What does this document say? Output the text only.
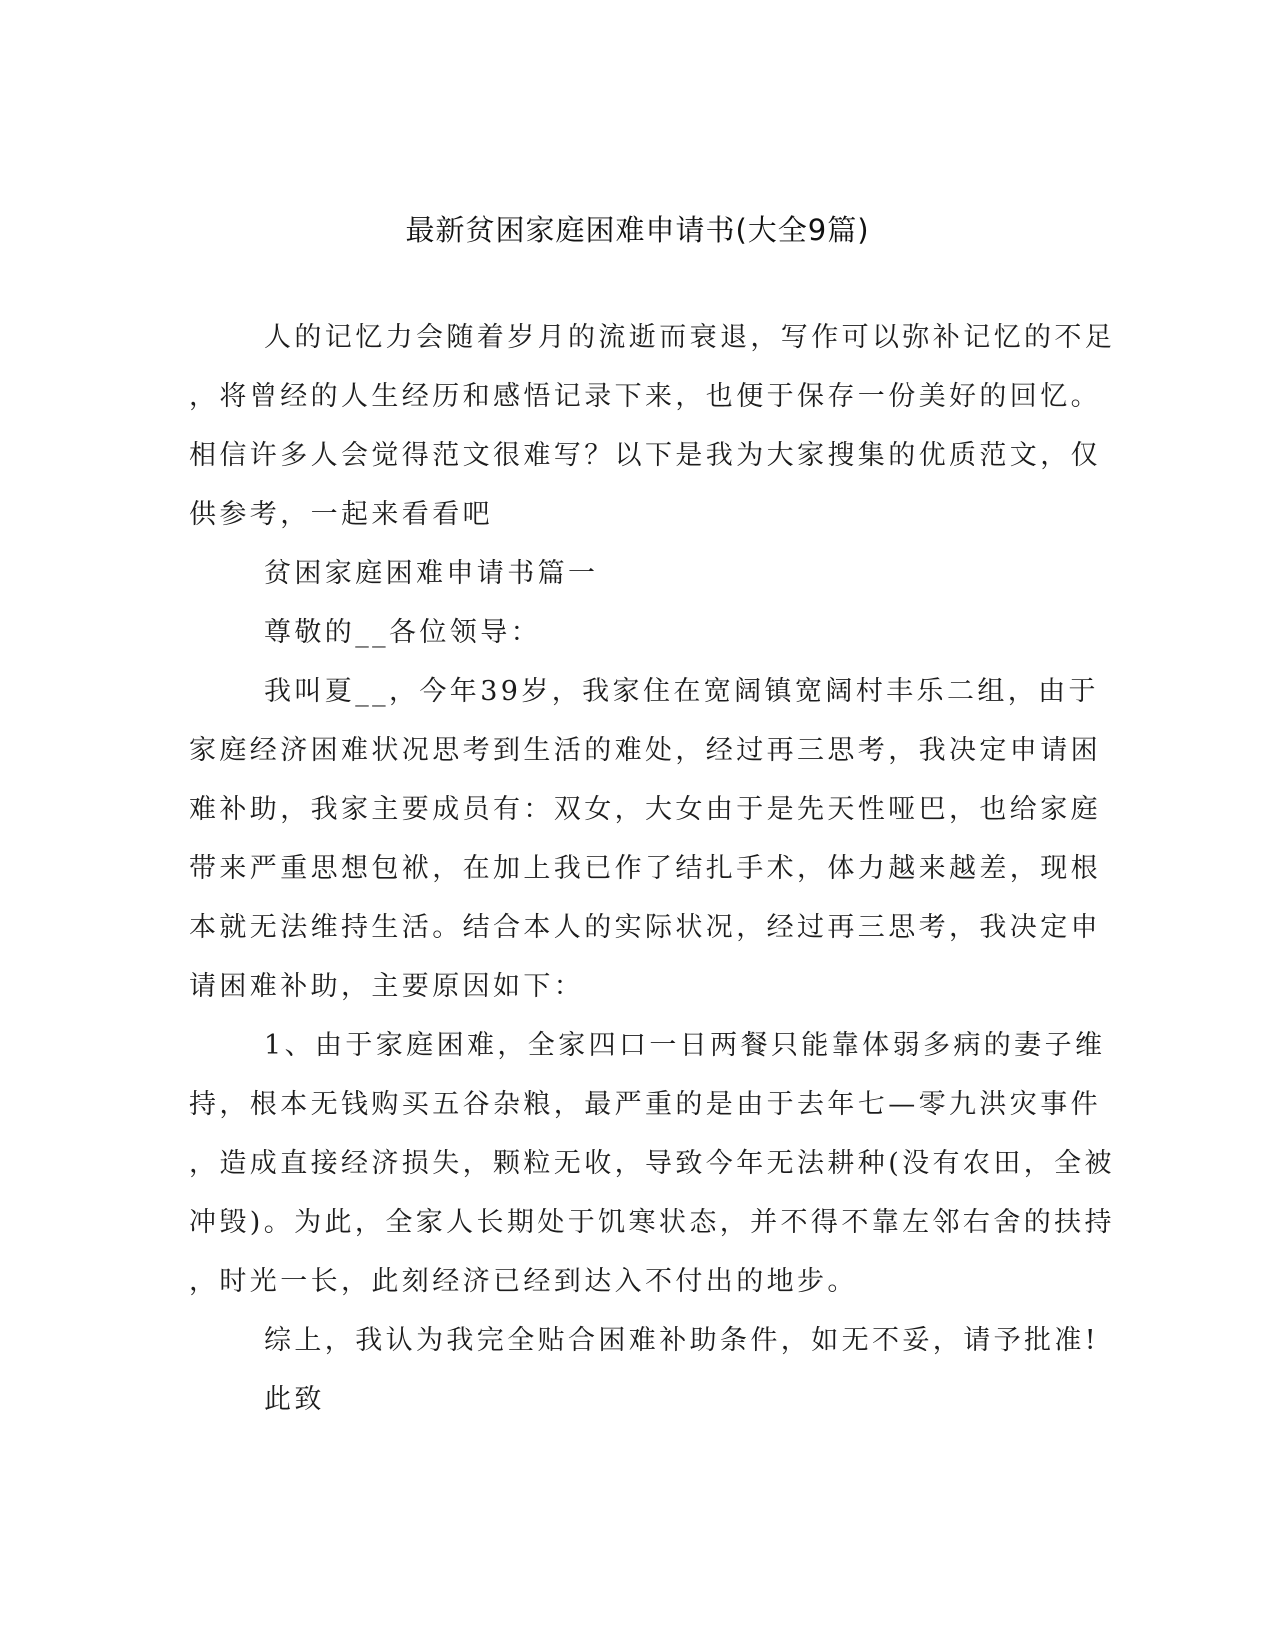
最新贫困家庭困难申请书(大全9篇)
人的记忆力会随着岁月的流逝而衰退，写作可以弥补记忆的不足
，将曾经的人生经历和感悟记录下来，也便于保存一份美好的回忆。
相信许多人会觉得范文很难写？以下是我为大家搜集的优质范文，仅
供参考，一起来看看吧
贫困家庭困难申请书篇一
尊敬的__各位领导：
我叫夏__，今年39岁，我家住在宽阔镇宽阔村丰乐二组，由于
家庭经济困难状况思考到生活的难处，经过再三思考，我决定申请困
难补助，我家主要成员有：双女，大女由于是先天性哑巴，也给家庭
带来严重思想包袱，在加上我已作了结扎手术，体力越来越差，现根
本就无法维持生活。结合本人的实际状况，经过再三思考，我决定申
请困难补助，主要原因如下：
1、由于家庭困难，全家四口一日两餐只能靠体弱多病的妻子维
持，根本无钱购买五谷杂粮，最严重的是由于去年七—零九洪灾事件
，造成直接经济损失，颗粒无收，导致今年无法耕种(没有农田，全被
冲毁)。为此，全家人长期处于饥寒状态，并不得不靠左邻右舍的扶持
，时光一长，此刻经济已经到达入不付出的地步。
综上，我认为我完全贴合困难补助条件，如无不妥，请予批准!
此致
